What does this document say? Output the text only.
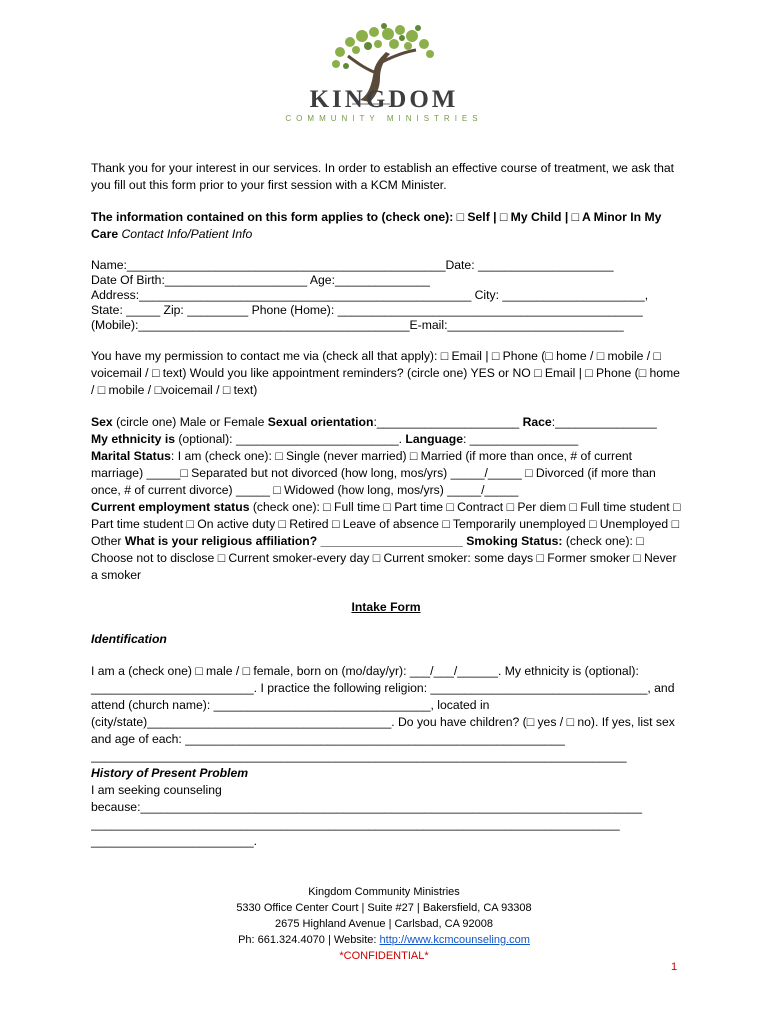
KINGDOM
COMMUNITY MINISTRIES

Thank you for your interest in our services. In order to establish an effective course of treatment, we ask that you fill out this form prior to your first session with a KCM Minister.

The information contained on this form applies to (check one): □ Self | □ My Child | □ A Minor In My Care Contact Info/Patient Info

Name:_______________________________________________Date: ____________________

Date Of Birth:_____________________ Age:______________

Address:_________________________________________________ City: _____________________,

State: _____ Zip: _________ Phone (Home): _____________________________________________

(Mobile):________________________________________E-mail:__________________________

You have my permission to contact me via (check all that apply): □ Email | □ Phone (□ home / □ mobile / □ voicemail / □ text) Would you like appointment reminders? (circle one) YES or NO □ Email | □ Phone (□ home / □ mobile / □voicemail / □ text)

Sex (circle one) Male or Female Sexual orientation:_____________________ Race:_______________

My ethnicity is (optional): ________________________. Language: ________________

Marital Status: I am (check one): □ Single (never married) □ Married (if more than once, # of current marriage) _____□ Separated but not divorced (how long, mos/yrs) _____/_____ □ Divorced (if more than once, # of current divorce) _____ □ Widowed (how long, mos/yrs) _____/_____

Current employment status (check one): □ Full time □ Part time □ Contract □ Per diem □ Full time student □ Part time student □ On active duty □ Retired □ Leave of absence □ Temporarily unemployed □ Unemployed □ Other What is your religious affiliation? _____________________ Smoking Status: (check one): □ Choose not to disclose □ Current smoker-every day □ Current smoker: some days □ Former smoker □ Never a smoker

Intake Form

Identification

I am a (check one) □ male / □ female, born on (mo/day/yr): ___/___/______. My ethnicity is (optional): ________________________. I practice the following religion: ________________________________, and attend (church name): ________________________________, located in (city/state)____________________________________. Do you have children? (□ yes / □ no). If yes, list sex and age of each: ________________________________________________________

_______________________________________________________________________________

History of Present Problem

I am seeking counseling

because:__________________________________________________________________________

______________________________________________________________________________

________________________.

Kingdom Community Ministries
5330 Office Center Court | Suite #27 | Bakersfield, CA 93308
2675 Highland Avenue | Carlsbad, CA 92008
Ph: 661.324.4070 | Website: http://www.kcmcounseling.com
*CONFIDENTIAL*
1
